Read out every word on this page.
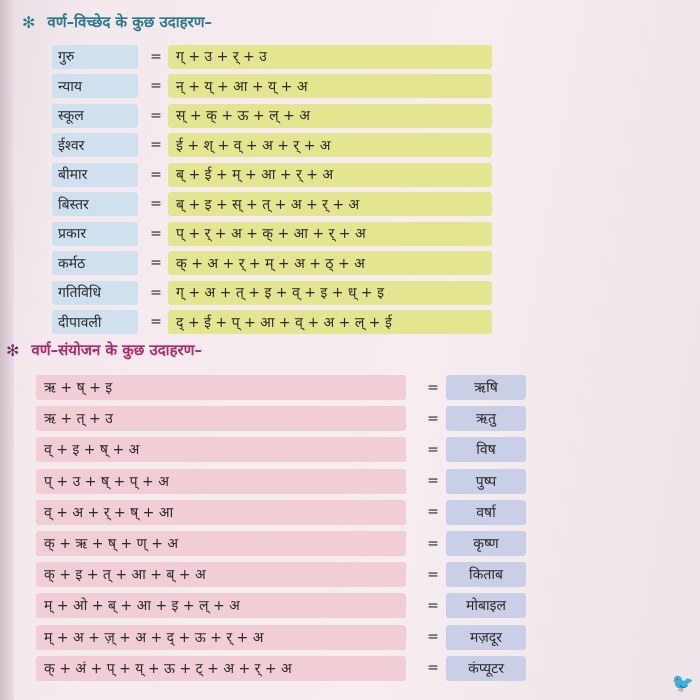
✻ वर्ण–विच्छेद के कुछ उदाहरण–
गुरु	=	ग् + उ + र् + उ
न्याय	=	न् + य् + आ + य् + अ
स्कूल	=	स् + क् + ऊ + ल् + अ
ईश्वर	=	ई + श् + व् + अ + र् + अ
बीमार	=	ब् + ई + म् + आ + र् + अ
बिस्तर	=	ब् + इ + स् + त् + अ + र् + अ
प्रकार	=	प् + र् + अ + क् + आ + र् + अ
कर्मठ	=	क् + अ + र् + म् + अ + ठ् + अ
गतिविधि	=	ग् + अ + त् + इ + व् + इ + ध् + इ
दीपावली	=	द् + ई + प् + आ + व् + अ + ल् + ई
✻ वर्ण–संयोजन के कुछ उदाहरण–
ऋ + ष् + इ	=	ऋषि
ऋ + त् + उ	=	ऋतु
व् + इ + ष् + अ	=	विष
प् + उ + ष् + प् + अ	=	पुष्प
व् + अ + र् + ष् + आ	=	वर्षा
क् + ऋ + ष् + ण् + अ	=	कृष्ण
क् + इ + त् + आ + ब् + अ	=	किताब
म् + ओ + ब् + आ + इ + ल् + अ	=	मोबाइल
म् + अ + ज़् + अ + द् + ऊ + र् + अ	=	मज़दूर
क् + अं + प् + य् + ऊ + ट् + अ + र् + अ	=	कंप्यूटर
🐦
